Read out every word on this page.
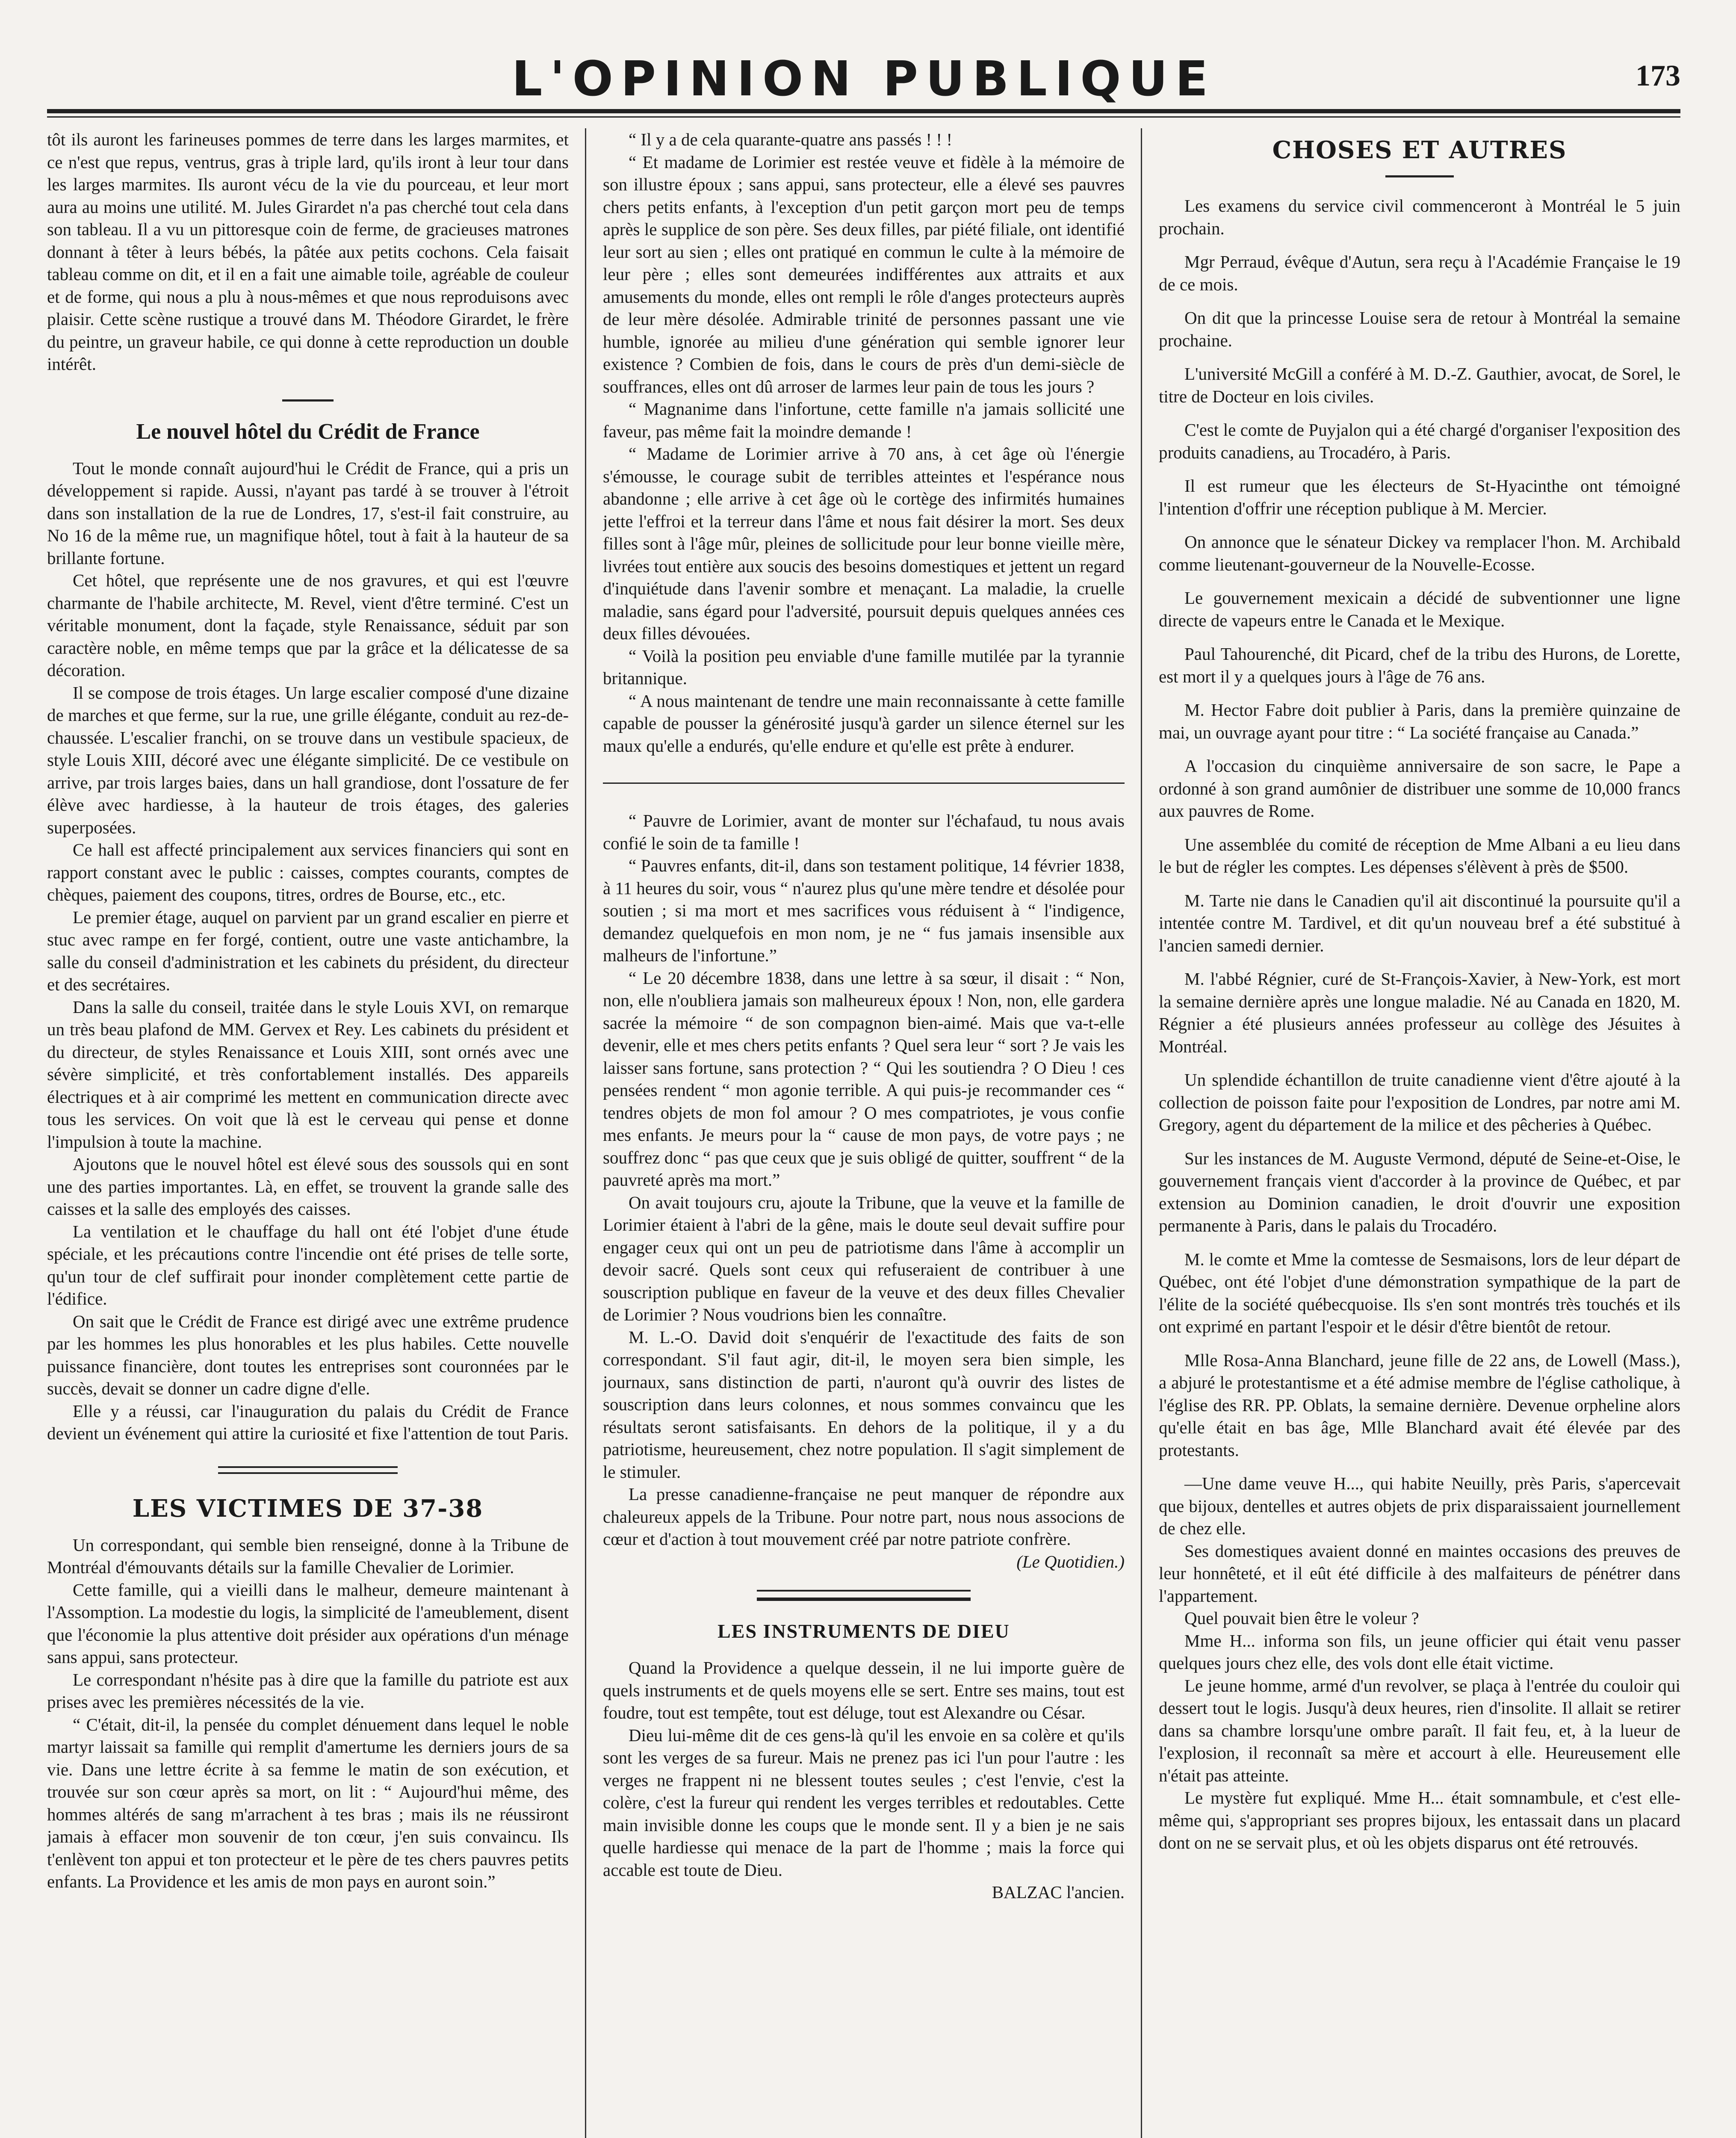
L'OPINION PUBLIQUE	173

tôt ils auront les farineuses pommes de terre dans les larges marmites, et ce n'est que repus, ventrus, gras à triple lard, qu'ils iront à leur tour dans les larges marmites. Ils auront vécu de la vie du pourceau, et leur mort aura au moins une utilité. M. Jules Girardet n'a pas cherché tout cela dans son tableau. Il a vu un pittoresque coin de ferme, de gracieuses matrones donnant à têter à leurs bébés, la pâtée aux petits cochons. Cela faisait tableau comme on dit, et il en a fait une aimable toile, agréable de couleur et de forme, qui nous a plu à nous-mêmes et que nous reproduisons avec plaisir. Cette scène rustique a trouvé dans M. Théodore Girardet, le frère du peintre, un graveur habile, ce qui donne à cette reproduction un double intérêt.

Le nouvel hôtel du Crédit de France

Tout le monde connaît aujourd'hui le Crédit de France, qui a pris un développement si rapide. Aussi, n'ayant pas tardé à se trouver à l'étroit dans son installation de la rue de Londres, 17, s'est-il fait construire, au No 16 de la même rue, un magnifique hôtel, tout à fait à la hauteur de sa brillante fortune.

Cet hôtel, que représente une de nos gravures, et qui est l'œuvre charmante de l'habile architecte, M. Revel, vient d'être terminé. C'est un véritable monument, dont la façade, style Renaissance, séduit par son caractère noble, en même temps que par la grâce et la délicatesse de sa décoration.

Il se compose de trois étages. Un large escalier composé d'une dizaine de marches et que ferme, sur la rue, une grille élégante, conduit au rez-de-chaussée. L'escalier franchi, on se trouve dans un vestibule spacieux, de style Louis XIII, décoré avec une élégante simplicité. De ce vestibule on arrive, par trois larges baies, dans un hall grandiose, dont l'ossature de fer élève avec hardiesse, à la hauteur de trois étages, des galeries superposées.

Ce hall est affecté principalement aux services financiers qui sont en rapport constant avec le public : caisses, comptes courants, comptes de chèques, paiement des coupons, titres, ordres de Bourse, etc., etc.

Le premier étage, auquel on parvient par un grand escalier en pierre et stuc avec rampe en fer forgé, contient, outre une vaste antichambre, la salle du conseil d'administration et les cabinets du président, du directeur et des secrétaires.

Dans la salle du conseil, traitée dans le style Louis XVI, on remarque un très beau plafond de MM. Gervex et Rey. Les cabinets du président et du directeur, de styles Renaissance et Louis XIII, sont ornés avec une sévère simplicité, et très confortablement installés. Des appareils électriques et à air comprimé les mettent en communication directe avec tous les services. On voit que là est le cerveau qui pense et donne l'impulsion à toute la machine.

Ajoutons que le nouvel hôtel est élevé sous des soussols qui en sont une des parties importantes. Là, en effet, se trouvent la grande salle des caisses et la salle des employés des caisses.

La ventilation et le chauffage du hall ont été l'objet d'une étude spéciale, et les précautions contre l'incendie ont été prises de telle sorte, qu'un tour de clef suffirait pour inonder complètement cette partie de l'édifice.

On sait que le Crédit de France est dirigé avec une extrême prudence par les hommes les plus honorables et les plus habiles. Cette nouvelle puissance financière, dont toutes les entreprises sont couronnées par le succès, devait se donner un cadre digne d'elle.

Elle y a réussi, car l'inauguration du palais du Crédit de France devient un événement qui attire la curiosité et fixe l'attention de tout Paris.

LES VICTIMES DE 37-38

Un correspondant, qui semble bien renseigné, donne à la Tribune de Montréal d'émouvants détails sur la famille Chevalier de Lorimier.

Cette famille, qui a vieilli dans le malheur, demeure maintenant à l'Assomption. La modestie du logis, la simplicité de l'ameublement, disent que l'économie la plus attentive doit présider aux opérations d'un ménage sans appui, sans protecteur.

Le correspondant n'hésite pas à dire que la famille du patriote est aux prises avec les premières nécessités de la vie.

“ C'était, dit-il, la pensée du complet dénuement dans lequel le noble martyr laissait sa famille qui remplit d'amertume les derniers jours de sa vie. Dans une lettre écrite à sa femme le matin de son exécution, et trouvée sur son cœur après sa mort, on lit : “ Aujourd'hui même, des hommes altérés de sang m'arrachent à tes bras ; mais ils ne réussiront jamais à effacer mon souvenir de ton cœur, j'en suis convaincu. Ils t'enlèvent ton appui et ton protecteur et le père de tes chers pauvres petits enfants. La Providence et les amis de mon pays en auront soin.”

“ Il y a de cela quarante-quatre ans passés ! ! !

“ Et madame de Lorimier est restée veuve et fidèle à la mémoire de son illustre époux ; sans appui, sans protecteur, elle a élevé ses pauvres chers petits enfants, à l'exception d'un petit garçon mort peu de temps après le supplice de son père. Ses deux filles, par piété filiale, ont identifié leur sort au sien ; elles ont pratiqué en commun le culte à la mémoire de leur père ; elles sont demeurées indifférentes aux attraits et aux amusements du monde, elles ont rempli le rôle d'anges protecteurs auprès de leur mère désolée. Admirable trinité de personnes passant une vie humble, ignorée au milieu d'une génération qui semble ignorer leur existence ? Combien de fois, dans le cours de près d'un demi-siècle de souffrances, elles ont dû arroser de larmes leur pain de tous les jours ?

“ Magnanime dans l'infortune, cette famille n'a jamais sollicité une faveur, pas même fait la moindre demande !

“ Madame de Lorimier arrive à 70 ans, à cet âge où l'énergie s'émousse, le courage subit de terribles atteintes et l'espérance nous abandonne ; elle arrive à cet âge où le cortège des infirmités humaines jette l'effroi et la terreur dans l'âme et nous fait désirer la mort. Ses deux filles sont à l'âge mûr, pleines de sollicitude pour leur bonne vieille mère, livrées tout entière aux soucis des besoins domestiques et jettent un regard d'inquiétude dans l'avenir sombre et menaçant. La maladie, la cruelle maladie, sans égard pour l'adversité, poursuit depuis quelques années ces deux filles dévouées.

“ Voilà la position peu enviable d'une famille mutilée par la tyrannie britannique.

“ A nous maintenant de tendre une main reconnaissante à cette famille capable de pousser la générosité jusqu'à garder un silence éternel sur les maux qu'elle a endurés, qu'elle endure et qu'elle est prête à endurer.

“ Pauvre de Lorimier, avant de monter sur l'échafaud, tu nous avais confié le soin de ta famille !

“ Pauvres enfants, dit-il, dans son testament politique, 14 février 1838, à 11 heures du soir, vous “ n'aurez plus qu'une mère tendre et désolée pour soutien ; si ma mort et mes sacrifices vous réduisent à “ l'indigence, demandez quelquefois en mon nom, je ne “ fus jamais insensible aux malheurs de l'infortune.”

“ Le 20 décembre 1838, dans une lettre à sa sœur, il disait : “ Non, non, elle n'oubliera jamais son malheureux époux ! Non, non, elle gardera sacrée la mémoire “ de son compagnon bien-aimé. Mais que va-t-elle devenir, elle et mes chers petits enfants ? Quel sera leur “ sort ? Je vais les laisser sans fortune, sans protection ? “ Qui les soutiendra ? O Dieu ! ces pensées rendent “ mon agonie terrible. A qui puis-je recommander ces “ tendres objets de mon fol amour ? O mes compatriotes, je vous confie mes enfants. Je meurs pour la “ cause de mon pays, de votre pays ; ne souffrez donc “ pas que ceux que je suis obligé de quitter, souffrent “ de la pauvreté après ma mort.”

On avait toujours cru, ajoute la Tribune, que la veuve et la famille de Lorimier étaient à l'abri de la gêne, mais le doute seul devait suffire pour engager ceux qui ont un peu de patriotisme dans l'âme à accomplir un devoir sacré. Quels sont ceux qui refuseraient de contribuer à une souscription publique en faveur de la veuve et des deux filles Chevalier de Lorimier ? Nous voudrions bien les connaître.

M. L.-O. David doit s'enquérir de l'exactitude des faits de son correspondant. S'il faut agir, dit-il, le moyen sera bien simple, les journaux, sans distinction de parti, n'auront qu'à ouvrir des listes de souscription dans leurs colonnes, et nous sommes convaincu que les résultats seront satisfaisants. En dehors de la politique, il y a du patriotisme, heureusement, chez notre population. Il s'agit simplement de le stimuler.

La presse canadienne-française ne peut manquer de répondre aux chaleureux appels de la Tribune. Pour notre part, nous nous associons de cœur et d'action à tout mouvement créé par notre patriote confrère.

(Le Quotidien.)

LES INSTRUMENTS DE DIEU

Quand la Providence a quelque dessein, il ne lui importe guère de quels instruments et de quels moyens elle se sert. Entre ses mains, tout est foudre, tout est tempête, tout est déluge, tout est Alexandre ou César.

Dieu lui-même dit de ces gens-là qu'il les envoie en sa colère et qu'ils sont les verges de sa fureur. Mais ne prenez pas ici l'un pour l'autre : les verges ne frappent ni ne blessent toutes seules ; c'est l'envie, c'est la colère, c'est la fureur qui rendent les verges terribles et redoutables. Cette main invisible donne les coups que le monde sent. Il y a bien je ne sais quelle hardiesse qui menace de la part de l'homme ; mais la force qui accable est toute de Dieu.

BALZAC l'ancien.

CHOSES ET AUTRES

Les examens du service civil commenceront à Montréal le 5 juin prochain.

Mgr Perraud, évêque d'Autun, sera reçu à l'Académie Française le 19 de ce mois.

On dit que la princesse Louise sera de retour à Montréal la semaine prochaine.

L'université McGill a conféré à M. D.-Z. Gauthier, avocat, de Sorel, le titre de Docteur en lois civiles.

C'est le comte de Puyjalon qui a été chargé d'organiser l'exposition des produits canadiens, au Trocadéro, à Paris.

Il est rumeur que les électeurs de St-Hyacinthe ont témoigné l'intention d'offrir une réception publique à M. Mercier.

On annonce que le sénateur Dickey va remplacer l'hon. M. Archibald comme lieutenant-gouverneur de la Nouvelle-Ecosse.

Le gouvernement mexicain a décidé de subventionner une ligne directe de vapeurs entre le Canada et le Mexique.

Paul Tahourenché, dit Picard, chef de la tribu des Hurons, de Lorette, est mort il y a quelques jours à l'âge de 76 ans.

M. Hector Fabre doit publier à Paris, dans la première quinzaine de mai, un ouvrage ayant pour titre : “ La société française au Canada.”

A l'occasion du cinquième anniversaire de son sacre, le Pape a ordonné à son grand aumônier de distribuer une somme de 10,000 francs aux pauvres de Rome.

Une assemblée du comité de réception de Mme Albani a eu lieu dans le but de régler les comptes. Les dépenses s'élèvent à près de $500.

M. Tarte nie dans le Canadien qu'il ait discontinué la poursuite qu'il a intentée contre M. Tardivel, et dit qu'un nouveau bref a été substitué à l'ancien samedi dernier.

M. l'abbé Régnier, curé de St-François-Xavier, à New-York, est mort la semaine dernière après une longue maladie. Né au Canada en 1820, M. Régnier a été plusieurs années professeur au collège des Jésuites à Montréal.

Un splendide échantillon de truite canadienne vient d'être ajouté à la collection de poisson faite pour l'exposition de Londres, par notre ami M. Gregory, agent du département de la milice et des pêcheries à Québec.

Sur les instances de M. Auguste Vermond, député de Seine-et-Oise, le gouvernement français vient d'accorder à la province de Québec, et par extension au Dominion canadien, le droit d'ouvrir une exposition permanente à Paris, dans le palais du Trocadéro.

M. le comte et Mme la comtesse de Sesmaisons, lors de leur départ de Québec, ont été l'objet d'une démonstration sympathique de la part de l'élite de la société québecquoise. Ils s'en sont montrés très touchés et ils ont exprimé en partant l'espoir et le désir d'être bientôt de retour.

Mlle Rosa-Anna Blanchard, jeune fille de 22 ans, de Lowell (Mass.), a abjuré le protestantisme et a été admise membre de l'église catholique, à l'église des RR. PP. Oblats, la semaine dernière. Devenue orpheline alors qu'elle était en bas âge, Mlle Blanchard avait été élevée par des protestants.

—Une dame veuve H..., qui habite Neuilly, près Paris, s'apercevait que bijoux, dentelles et autres objets de prix disparaissaient journellement de chez elle.

Ses domestiques avaient donné en maintes occasions des preuves de leur honnêteté, et il eût été difficile à des malfaiteurs de pénétrer dans l'appartement.

Quel pouvait bien être le voleur ?

Mme H... informa son fils, un jeune officier qui était venu passer quelques jours chez elle, des vols dont elle était victime.

Le jeune homme, armé d'un revolver, se plaça à l'entrée du couloir qui dessert tout le logis. Jusqu'à deux heures, rien d'insolite. Il allait se retirer dans sa chambre lorsqu'une ombre paraît. Il fait feu, et, à la lueur de l'explosion, il reconnaît sa mère et accourt à elle. Heureusement elle n'était pas atteinte.

Le mystère fut expliqué. Mme H... était somnambule, et c'est elle-même qui, s'appropriant ses propres bijoux, les entassait dans un placard dont on ne se servait plus, et où les objets disparus ont été retrouvés.
